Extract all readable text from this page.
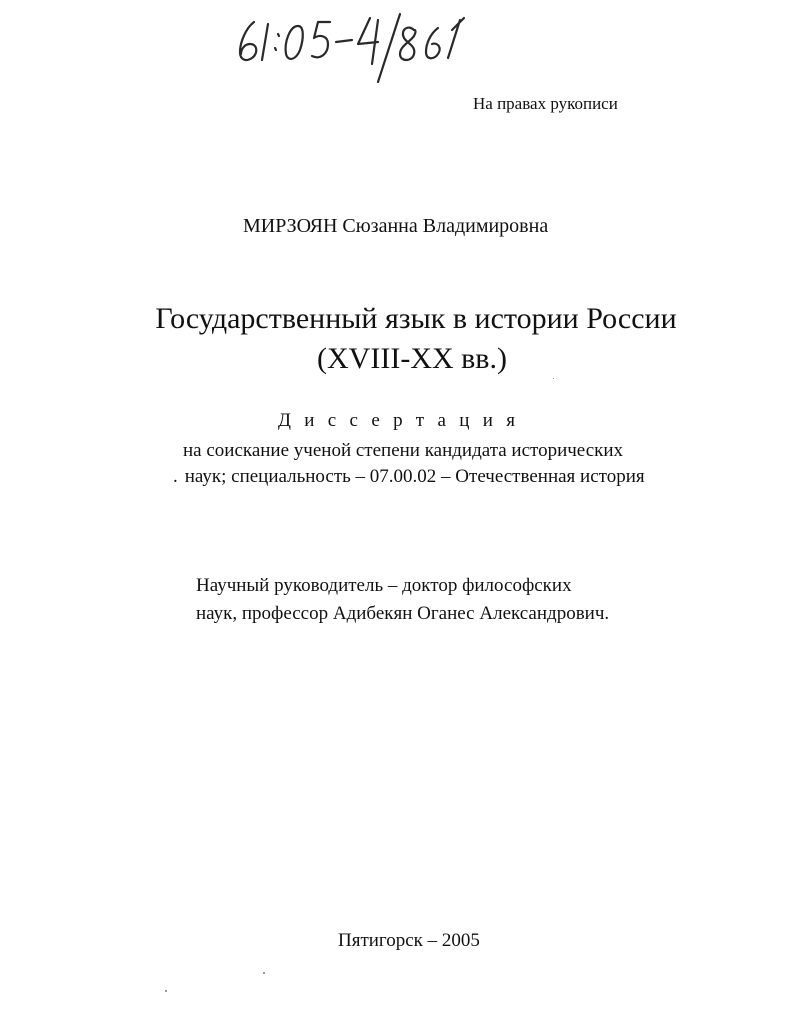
На правах рукописи
МИРЗОЯН Сюзанна Владимировна
Государственный язык в истории России
(XVIII-XX вв.)
Диссертация
на соискание ученой степени кандидата исторических
. наук; специальность – 07.00.02 – Отечественная история
Научный руководитель – доктор философских
наук, профессор Адибекян Оганес Александрович.
Пятигорск – 2005
